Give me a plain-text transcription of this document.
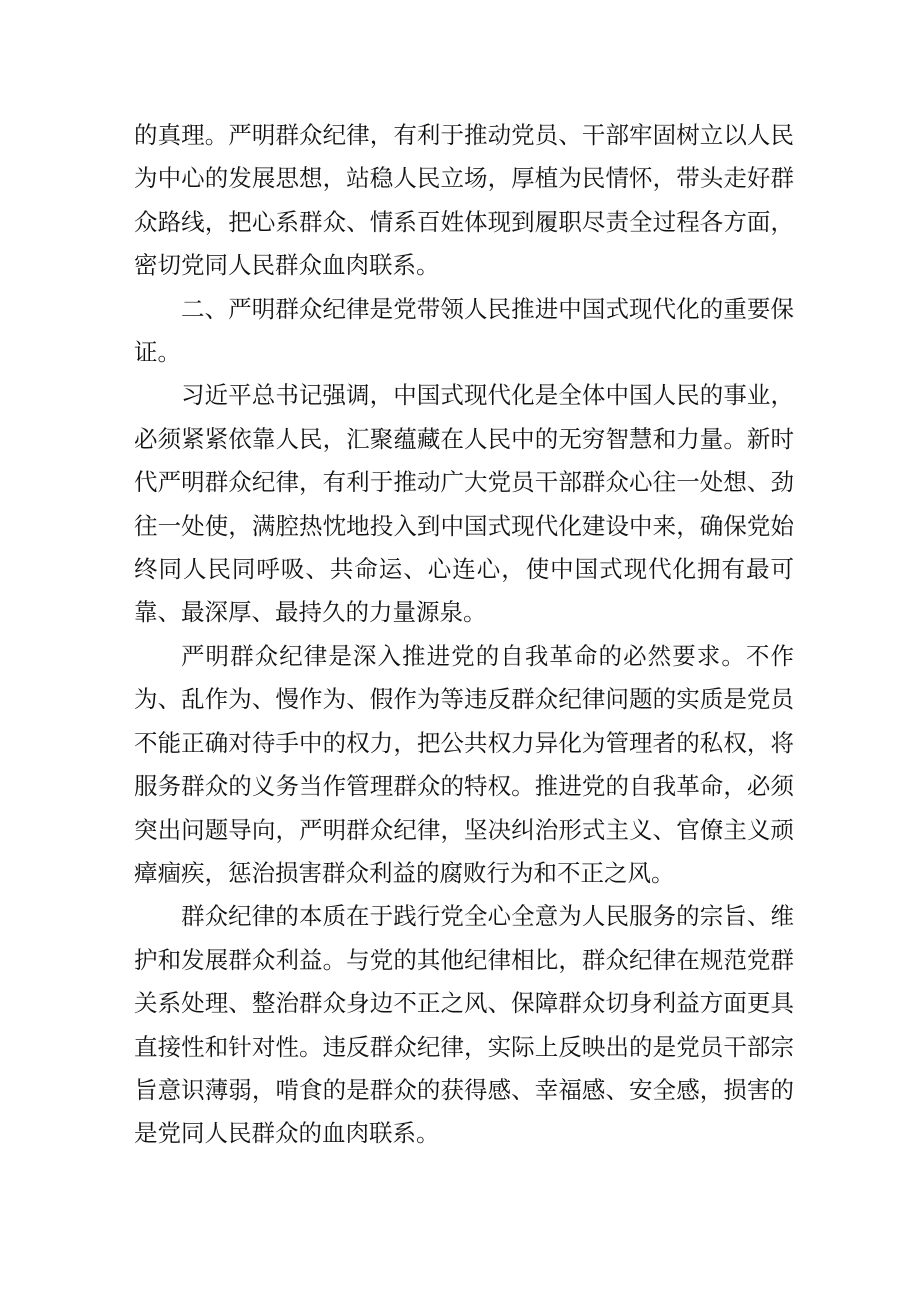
的真理。严明群众纪律，有利于推动党员、干部牢固树立以人民为中心的发展思想，站稳人民立场，厚植为民情怀，带头走好群众路线，把心系群众、情系百姓体现到履职尽责全过程各方面，密切党同人民群众血肉联系。

二、严明群众纪律是党带领人民推进中国式现代化的重要保证。

习近平总书记强调，中国式现代化是全体中国人民的事业，必须紧紧依靠人民，汇聚蕴藏在人民中的无穷智慧和力量。新时代严明群众纪律，有利于推动广大党员干部群众心往一处想、劲往一处使，满腔热忱地投入到中国式现代化建设中来，确保党始终同人民同呼吸、共命运、心连心，使中国式现代化拥有最可靠、最深厚、最持久的力量源泉。

严明群众纪律是深入推进党的自我革命的必然要求。不作为、乱作为、慢作为、假作为等违反群众纪律问题的实质是党员不能正确对待手中的权力，把公共权力异化为管理者的私权，将服务群众的义务当作管理群众的特权。推进党的自我革命，必须突出问题导向，严明群众纪律，坚决纠治形式主义、官僚主义顽瘴痼疾，惩治损害群众利益的腐败行为和不正之风。

群众纪律的本质在于践行党全心全意为人民服务的宗旨、维护和发展群众利益。与党的其他纪律相比，群众纪律在规范党群关系处理、整治群众身边不正之风、保障群众切身利益方面更具直接性和针对性。违反群众纪律，实际上反映出的是党员干部宗旨意识薄弱，啃食的是群众的获得感、幸福感、安全感，损害的是党同人民群众的血肉联系。
